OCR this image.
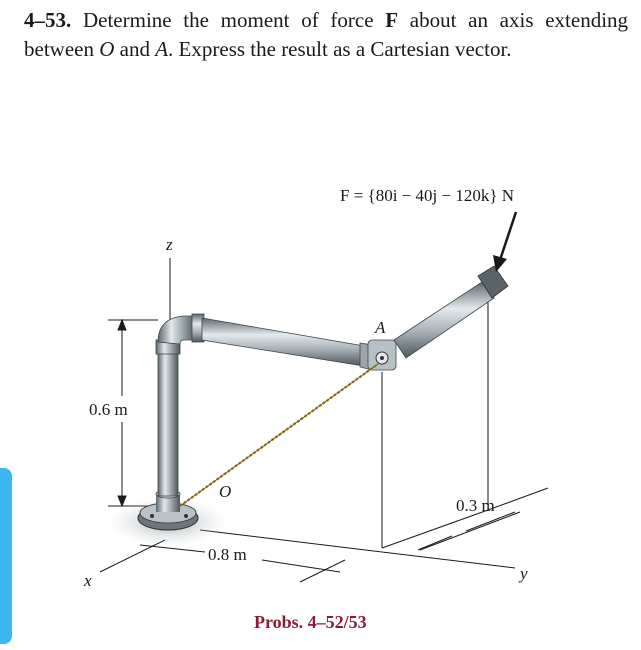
4–53. Determine the moment of force F about an axis extending between O and A. Express the result as a Cartesian vector.
F = {80i − 40j − 120k} N
z
x	y
A
O
0.6 m
0.8 m
0.3 m
Probs. 4–52/53
